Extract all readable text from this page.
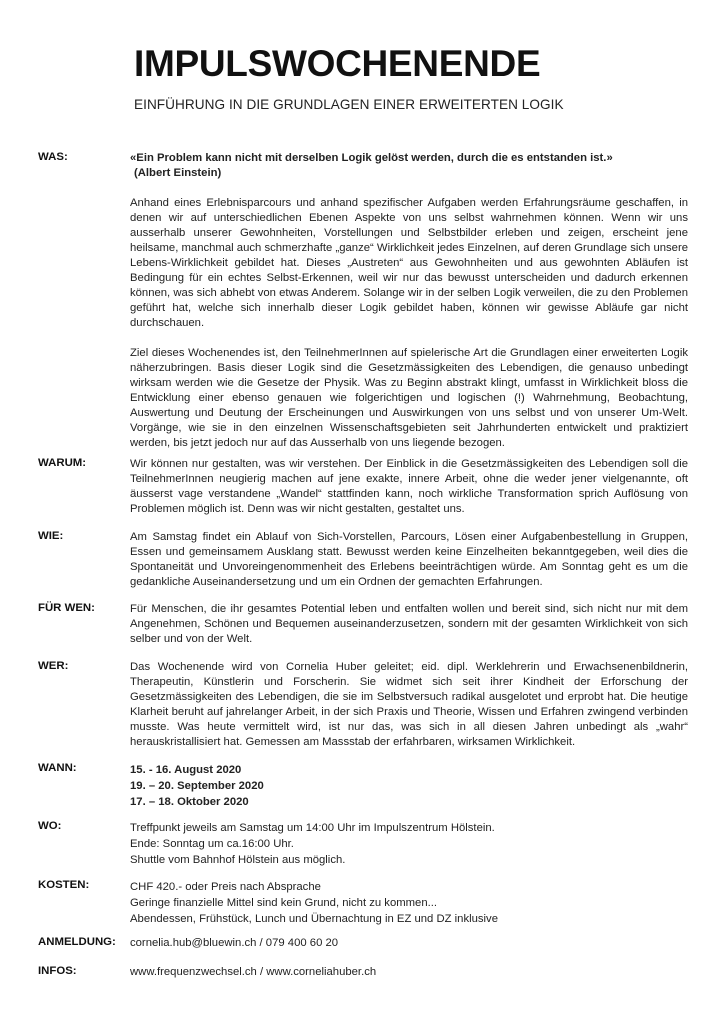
IMPULSWOCHENENDE
EINFÜHRUNG IN DIE GRUNDLAGEN EINER ERWEITERTEN LOGIK
WAS:	«Ein Problem kann nicht mit derselben Logik gelöst werden, durch die es entstanden ist.»
(Albert Einstein)

Anhand eines Erlebnisparcours und anhand spezifischer Aufgaben werden Erfahrungsräume geschaffen, in denen wir auf unterschiedlichen Ebenen Aspekte von uns selbst wahrnehmen können. Wenn wir uns ausserhalb unserer Gewohnheiten, Vorstellungen und Selbstbilder erleben und zeigen, erscheint jene heilsame, manchmal auch schmerzhafte „ganze“ Wirklichkeit jedes Einzelnen, auf deren Grundlage sich unsere Lebens-Wirklichkeit gebildet hat. Dieses „Austreten“ aus Gewohnheiten und aus gewohnten Abläufen ist Bedingung für ein echtes Selbst-Erkennen, weil wir nur das bewusst unterscheiden und dadurch erkennen können, was sich abhebt von etwas Anderem. Solange wir in der selben Logik verweilen, die zu den Problemen geführt hat, welche sich innerhalb dieser Logik gebildet haben, können wir gewisse Abläufe gar nicht durchschauen.

Ziel dieses Wochenendes ist, den TeilnehmerInnen auf spielerische Art die Grundlagen einer erweiterten Logik näherzubringen. Basis dieser Logik sind die Gesetzmässigkeiten des Lebendigen, die genauso unbedingt wirksam werden wie die Gesetze der Physik. Was zu Beginn abstrakt klingt, umfasst in Wirklichkeit bloss die Entwicklung einer ebenso genauen wie folgerichtigen und logischen (!) Wahrnehmung, Beobachtung, Auswertung und Deutung der Erscheinungen und Auswirkungen von uns selbst und von unserer Um-Welt. Vorgänge, wie sie in den einzelnen Wissenschaftsgebieten seit Jahrhunderten entwickelt und praktiziert werden, bis jetzt jedoch nur auf das Ausserhalb von uns liegende bezogen.

WARUM:	Wir können nur gestalten, was wir verstehen. Der Einblick in die Gesetzmässigkeiten des Lebendigen soll die TeilnehmerInnen neugierig machen auf jene exakte, innere Arbeit, ohne die weder jener vielgenannte, oft äusserst vage verstandene „Wandel“ stattfinden kann, noch wirkliche Transformation sprich Auflösung von Problemen möglich ist. Denn was wir nicht gestalten, gestaltet uns.
WIE:	Am Samstag findet ein Ablauf von Sich-Vorstellen, Parcours, Lösen einer Aufgabenbestellung in Gruppen, Essen und gemeinsamem Ausklang statt. Bewusst werden keine Einzelheiten bekanntgegeben, weil dies die Spontaneität und Unvoreingenommenheit des Erlebens beeinträchtigen würde. Am Sonntag geht es um die gedankliche Auseinandersetzung und um ein Ordnen der gemachten Erfahrungen.
FÜR WEN:	Für Menschen, die ihr gesamtes Potential leben und entfalten wollen und bereit sind, sich nicht nur mit dem Angenehmen, Schönen und Bequemen auseinanderzusetzen, sondern mit der gesamten Wirklichkeit von sich selber und von der Welt.
WER:	Das Wochenende wird von Cornelia Huber geleitet; eid. dipl. Werklehrerin und Erwachsenenbildnerin, Therapeutin, Künstlerin und Forscherin. Sie widmet sich seit ihrer Kindheit der Erforschung der Gesetzmässigkeiten des Lebendigen, die sie im Selbstversuch radikal ausgelotet und erprobt hat. Die heutige Klarheit beruht auf jahrelanger Arbeit, in der sich Praxis und Theorie, Wissen und Erfahren zwingend verbinden musste. Was heute vermittelt wird, ist nur das, was sich in all diesen Jahren unbedingt als „wahr“ herauskristallisiert hat. Gemessen am Massstab der erfahrbaren, wirksamen Wirklichkeit.
WANN:	15. - 16. August 2020
19. – 20. September 2020
17. – 18. Oktober 2020
WO:	Treffpunkt jeweils am Samstag um 14:00 Uhr im Impulszentrum Hölstein.
Ende: Sonntag um ca.16:00 Uhr.
Shuttle vom Bahnhof Hölstein aus möglich.
KOSTEN:	CHF 420.- oder Preis nach Absprache
Geringe finanzielle Mittel sind kein Grund, nicht zu kommen...
Abendessen, Frühstück, Lunch und Übernachtung in EZ und DZ inklusive
ANMELDUNG:	cornelia.hub@bluewin.ch / 079 400 60 20
INFOS:	www.frequenzwechsel.ch / www.corneliahuber.ch
